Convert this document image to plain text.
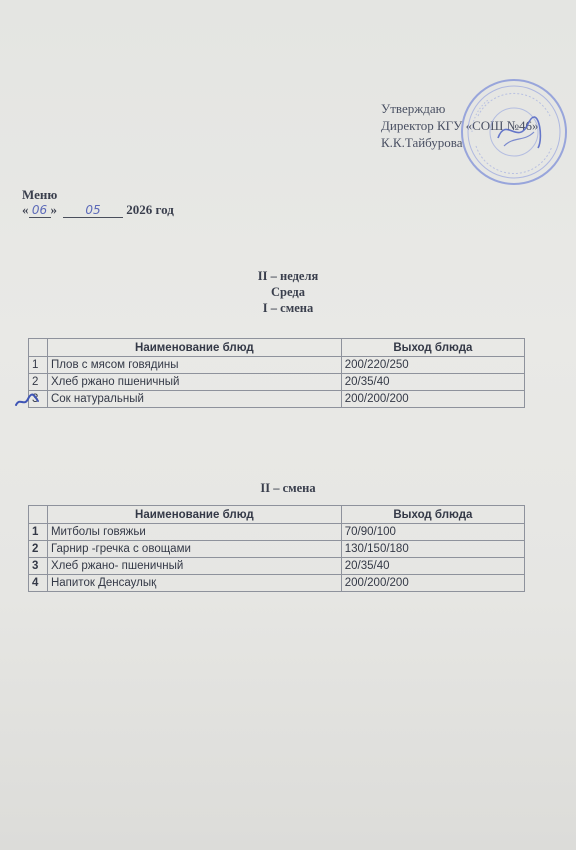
Утверждаю
Директор КГУ «СОШ №46»
К.К.Тайбурова
Меню
« 06 » 05 2026 год
II – неделя
Среда
I – смена
	Наименование блюд	Выход блюда
1	Плов с мясом говядины	200/220/250
2	Хлеб ржано пшеничный	20/35/40
3	Сок натуральный	200/200/200
II – смена
	Наименование блюд	Выход блюда
1	Митболы говяжьи	70/90/100
2	Гарнир -гречка с овощами	130/150/180
3	Хлеб ржано- пшеничный	20/35/40
4	Напиток Денсаулық	200/200/200
